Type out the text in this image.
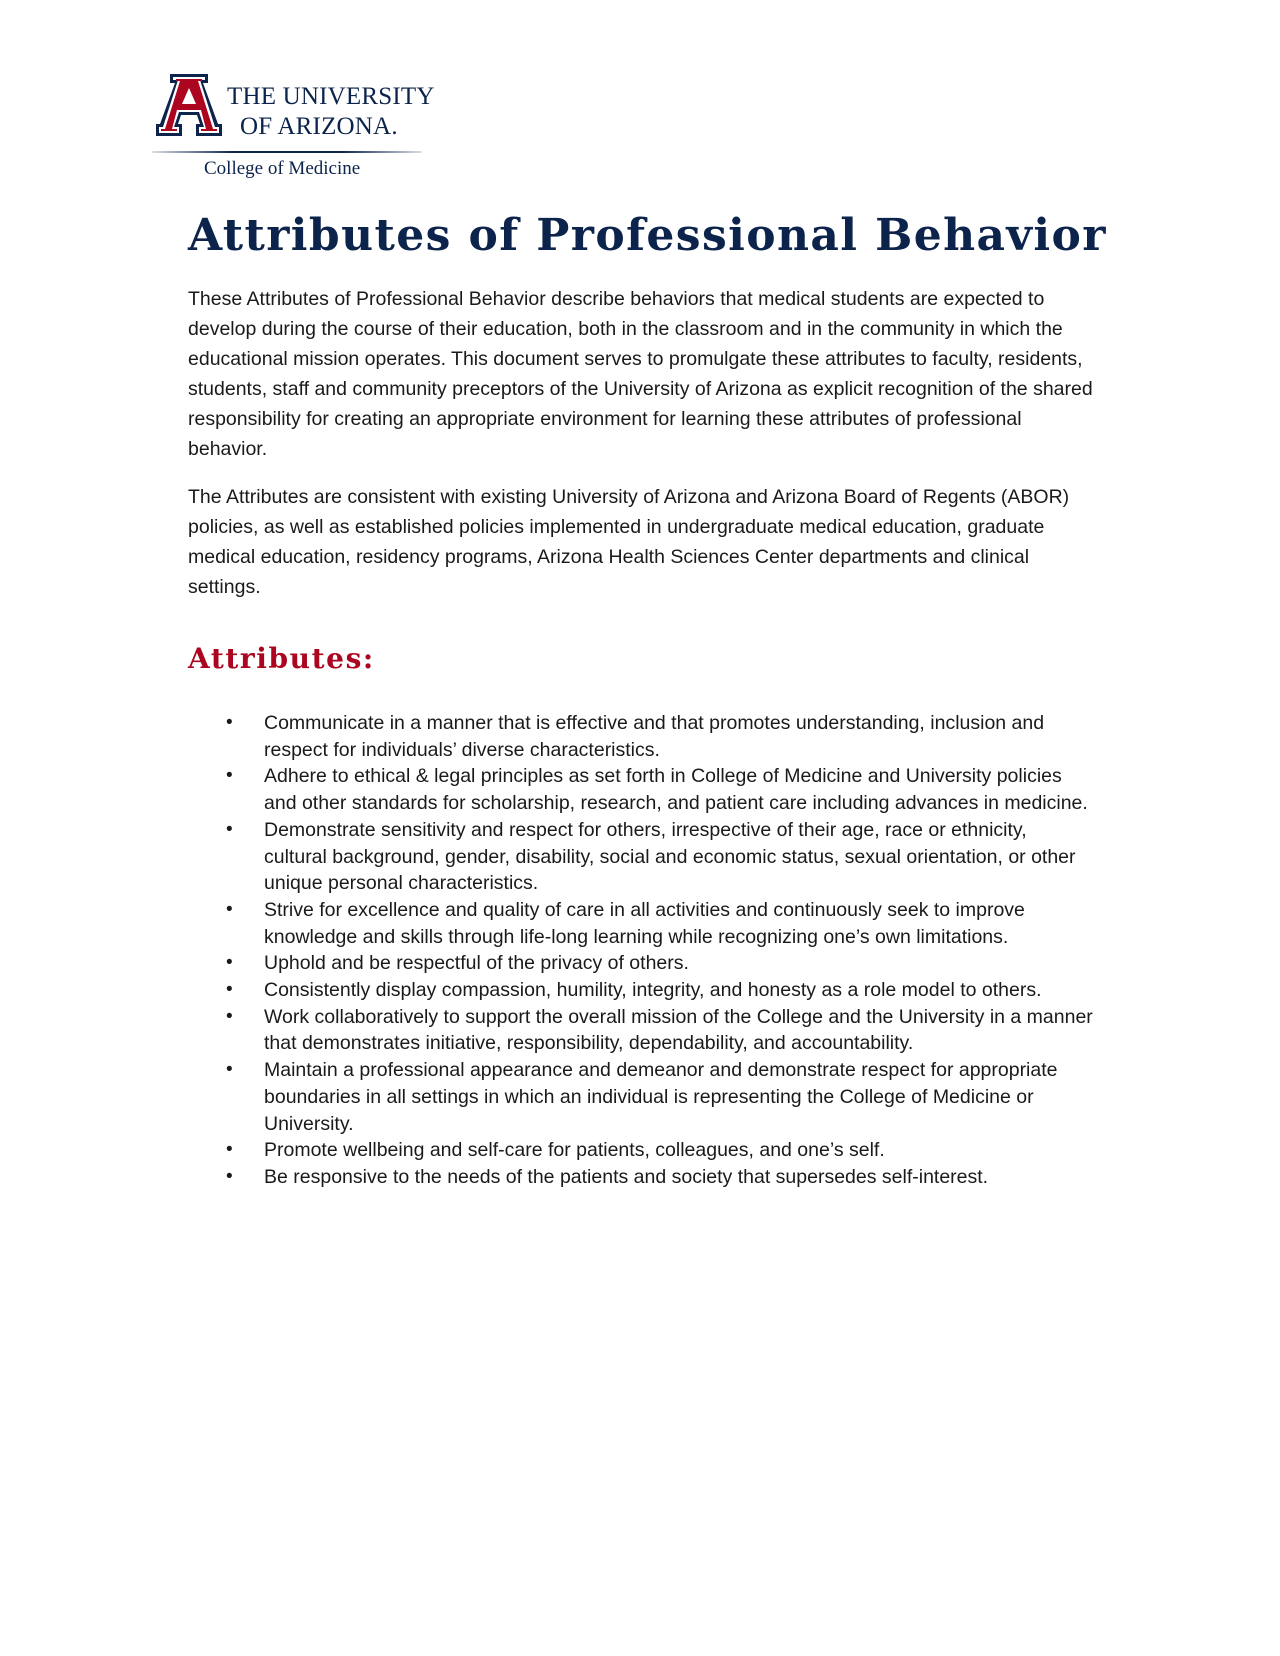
THE UNIVERSITY
OF ARIZONA.
College of Medicine
Attributes of Professional Behavior

These Attributes of Professional Behavior describe behaviors that medical students are expected to develop during the course of their education, both in the classroom and in the community in which the educational mission operates. This document serves to promulgate these attributes to faculty, residents, students, staff and community preceptors of the University of Arizona as explicit recognition of the shared responsibility for creating an appropriate environment for learning these attributes of professional behavior.

The Attributes are consistent with existing University of Arizona and Arizona Board of Regents (ABOR) policies, as well as established policies implemented in undergraduate medical education, graduate medical education, residency programs, Arizona Health Sciences Center departments and clinical settings.

Attributes:
• Communicate in a manner that is effective and that promotes understanding, inclusion and respect for individuals’ diverse characteristics.
• Adhere to ethical & legal principles as set forth in College of Medicine and University policies and other standards for scholarship, research, and patient care including advances in medicine.
• Demonstrate sensitivity and respect for others, irrespective of their age, race or ethnicity, cultural background, gender, disability, social and economic status, sexual orientation, or other unique personal characteristics.
• Strive for excellence and quality of care in all activities and continuously seek to improve knowledge and skills through life-long learning while recognizing one’s own limitations.
• Uphold and be respectful of the privacy of others.
• Consistently display compassion, humility, integrity, and honesty as a role model to others.
• Work collaboratively to support the overall mission of the College and the University in a manner that demonstrates initiative, responsibility, dependability, and accountability.
• Maintain a professional appearance and demeanor and demonstrate respect for appropriate boundaries in all settings in which an individual is representing the College of Medicine or University.
• Promote wellbeing and self-care for patients, colleagues, and one’s self.
• Be responsive to the needs of the patients and society that supersedes self-interest.
